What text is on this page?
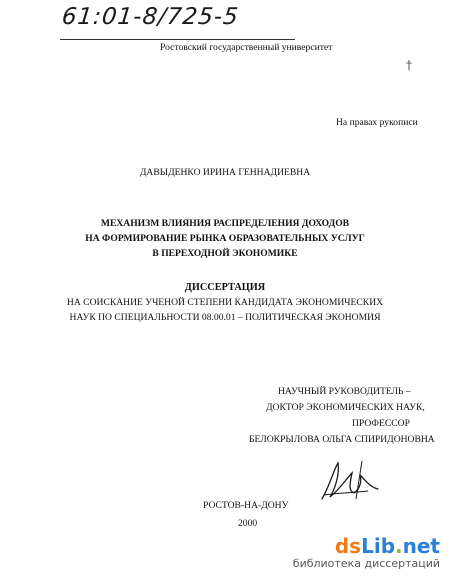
61:01-8/725-5
†
Ростовский государственный университет
На правах рукописи
ДАВЫДЕНКО ИРИНА ГЕННАДИЕВНА
МЕХАНИЗМ ВЛИЯНИЯ РАСПРЕДЕЛЕНИЯ ДОХОДОВ
НА ФОРМИРОВАНИЕ РЫНКА ОБРАЗОВАТЕЛЬНЫХ УСЛУГ
В ПЕРЕХОДНОЙ ЭКОНОМИКЕ
ДИССЕРТАЦИЯ
НА СОИСКАНИЕ УЧЕНОЙ СТЕПЕНИ КАНДИДАТА ЭКОНОМИЧЕСКИХ
НАУК ПО СПЕЦИАЛЬНОСТИ 08.00.01 – ПОЛИТИЧЕСКАЯ ЭКОНОМИЯ
НАУЧНЫЙ РУКОВОДИТЕЛЬ –
ДОКТОР ЭКОНОМИЧЕСКИХ НАУК,
ПРОФЕССОР
БЕЛОКРЫЛОВА ОЛЬГА СПИРИДОНОВНА
РОСТОВ-НА-ДОНУ
2000
dsLib.net
библиотека диссертаций
